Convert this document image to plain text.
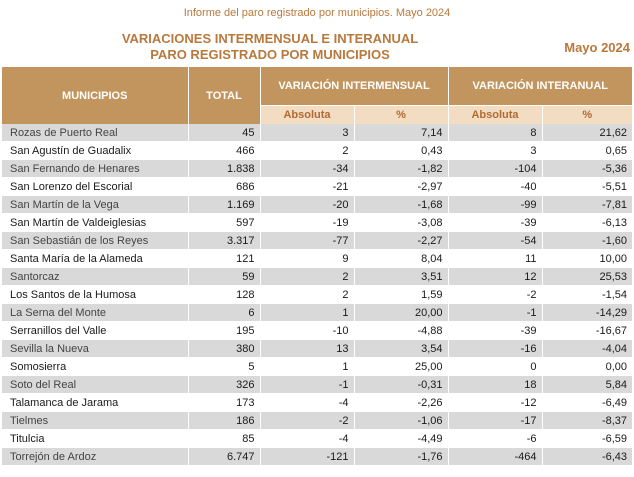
Informe del paro registrado por municipios. Mayo 2024
VARIACIONES INTERMENSUAL E INTERANUAL
PARO REGISTRADO POR MUNICIPIOS	Mayo 2024
MUNICIPIOS	TOTAL	VARIACIÓN INTERMENSUAL		VARIACIÓN INTERANUAL	
		Absoluta	%	Absoluta	%
Rozas de Puerto Real	45	3	7,14	8	21,62
San Agustín de Guadalix	466	2	0,43	3	0,65
San Fernando de Henares	1.838	-34	-1,82	-104	-5,36
San Lorenzo del Escorial	686	-21	-2,97	-40	-5,51
San Martín de la Vega	1.169	-20	-1,68	-99	-7,81
San Martín de Valdeiglesias	597	-19	-3,08	-39	-6,13
San Sebastián de los Reyes	3.317	-77	-2,27	-54	-1,60
Santa María de la Alameda	121	9	8,04	11	10,00
Santorcaz	59	2	3,51	12	25,53
Los Santos de la Humosa	128	2	1,59	-2	-1,54
La Serna del Monte	6	1	20,00	-1	-14,29
Serranillos del Valle	195	-10	-4,88	-39	-16,67
Sevilla la Nueva	380	13	3,54	-16	-4,04
Somosierra	5	1	25,00	0	0,00
Soto del Real	326	-1	-0,31	18	5,84
Talamanca de Jarama	173	-4	-2,26	-12	-6,49
Tielmes	186	-2	-1,06	-17	-8,37
Titulcia	85	-4	-4,49	-6	-6,59
Torrejón de Ardoz	6.747	-121	-1,76	-464	-6,43
